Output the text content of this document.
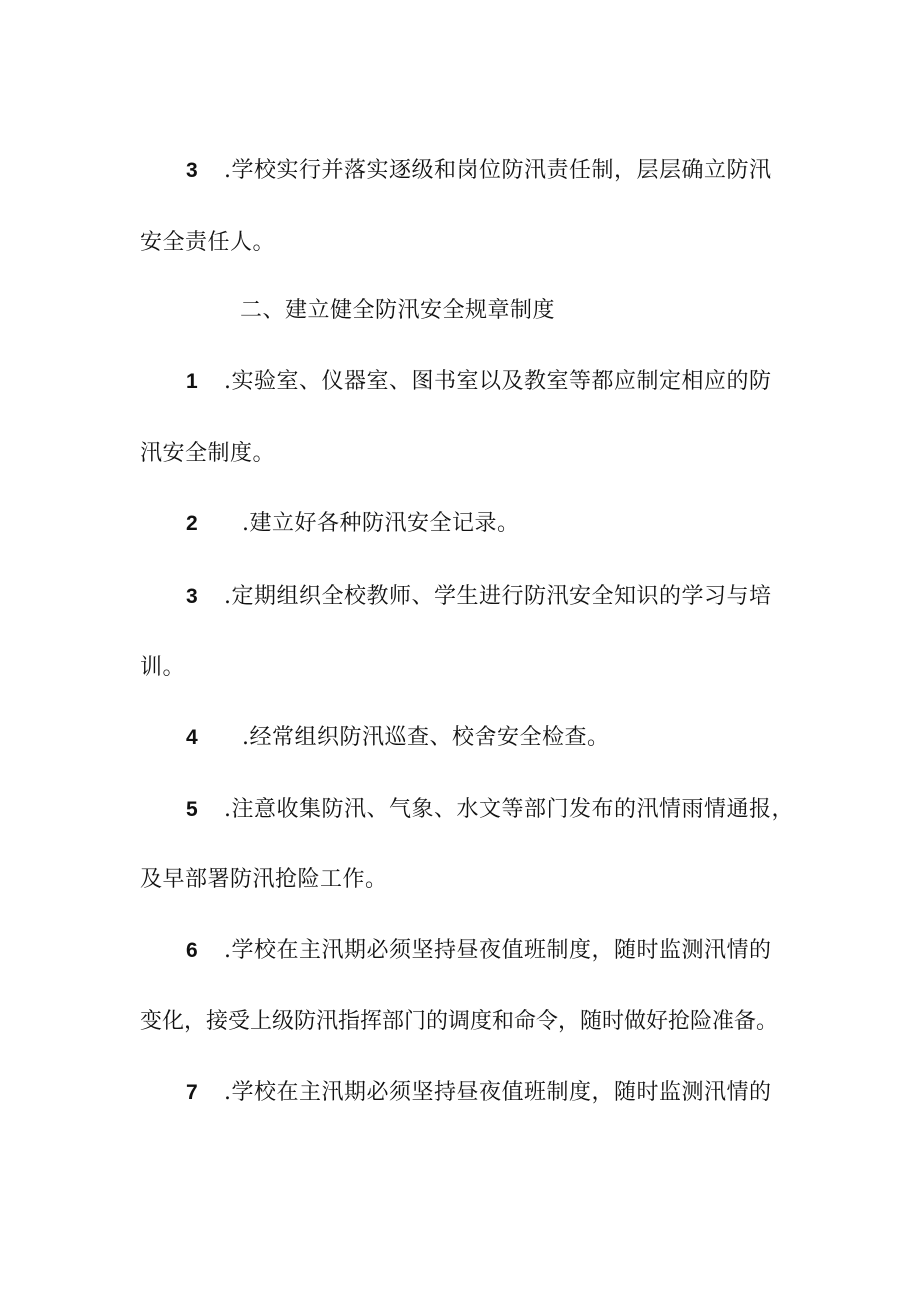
3 .学校实行并落实逐级和岗位防汛责任制，层层确立防汛
安全责任人。
二、建立健全防汛安全规章制度
1 .实验室、仪器室、图书室以及教室等都应制定相应的防
汛安全制度。
2 .建立好各种防汛安全记录。
3 .定期组织全校教师、学生进行防汛安全知识的学习与培
训。
4 .经常组织防汛巡查、校舍安全检查。
5 .注意收集防汛、气象、水文等部门发布的汛情雨情通报，
及早部署防汛抢险工作。
6 .学校在主汛期必须坚持昼夜值班制度，随时监测汛情的
变化，接受上级防汛指挥部门的调度和命令，随时做好抢险准备。
7 .学校在主汛期必须坚持昼夜值班制度，随时监测汛情的
